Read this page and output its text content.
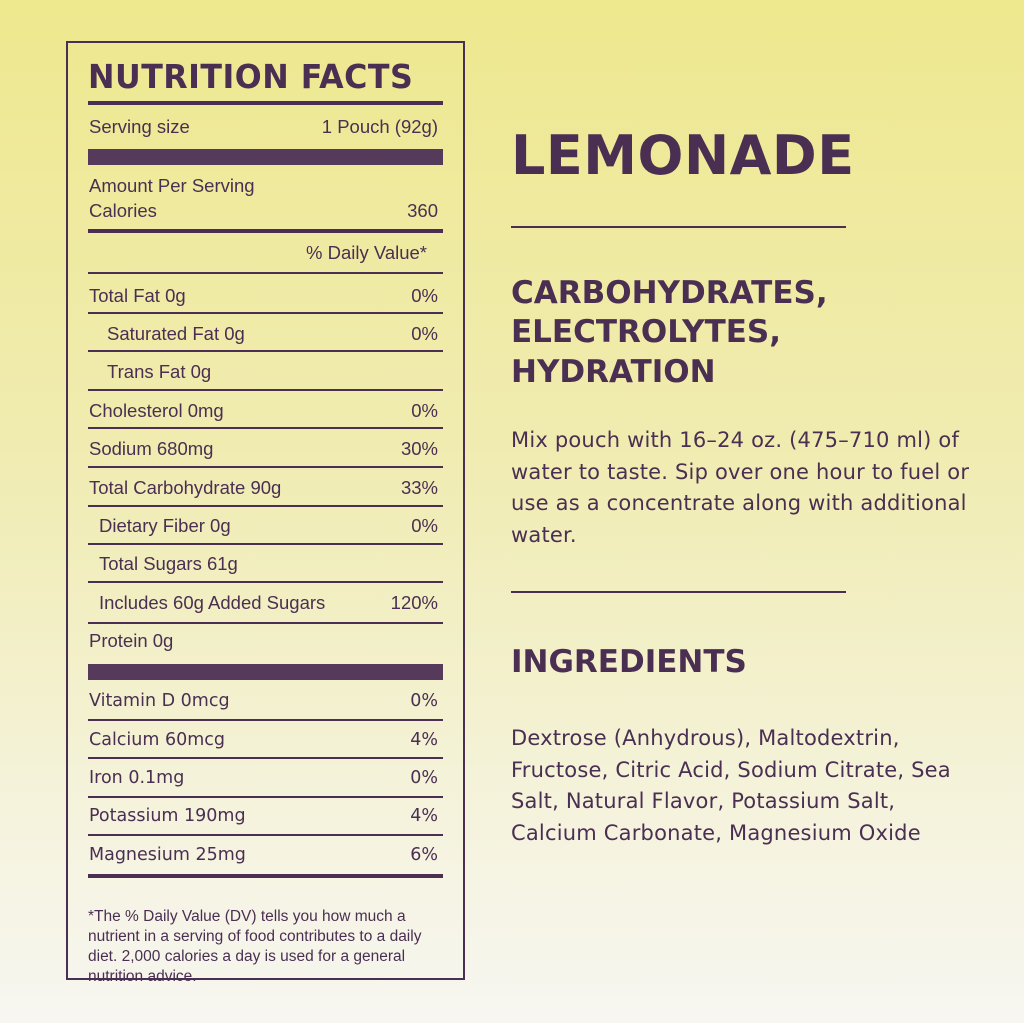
NUTRITION FACTS
Serving size	1 Pouch (92g)
Amount Per Serving
Calories	360
% Daily Value*
Total Fat 0g	0%
Saturated Fat 0g	0%
Trans Fat 0g
Cholesterol 0mg	0%
Sodium 680mg	30%
Total Carbohydrate 90g	33%
Dietary Fiber 0g	0%
Total Sugars 61g
Includes 60g Added Sugars	120%
Protein 0g
Vitamin D 0mcg	0%
Calcium 60mcg	4%
Iron 0.1mg	0%
Potassium 190mg	4%
Magnesium 25mg	6%

*The % Daily Value (DV) tells you how much a nutrient in a serving of food contributes to a daily diet. 2,000 calories a day is used for a general nutrition advice.

LEMONADE
CARBOHYDRATES,
ELECTROLYTES,
HYDRATION

Mix pouch with 16–24 oz. (475–710 ml) of water to taste. Sip over one hour to fuel or use as a concentrate along with additional water.

INGREDIENTS

Dextrose (Anhydrous), Maltodextrin, Fructose, Citric Acid, Sodium Citrate, Sea Salt, Natural Flavor, Potassium Salt, Calcium Carbonate, Magnesium Oxide
